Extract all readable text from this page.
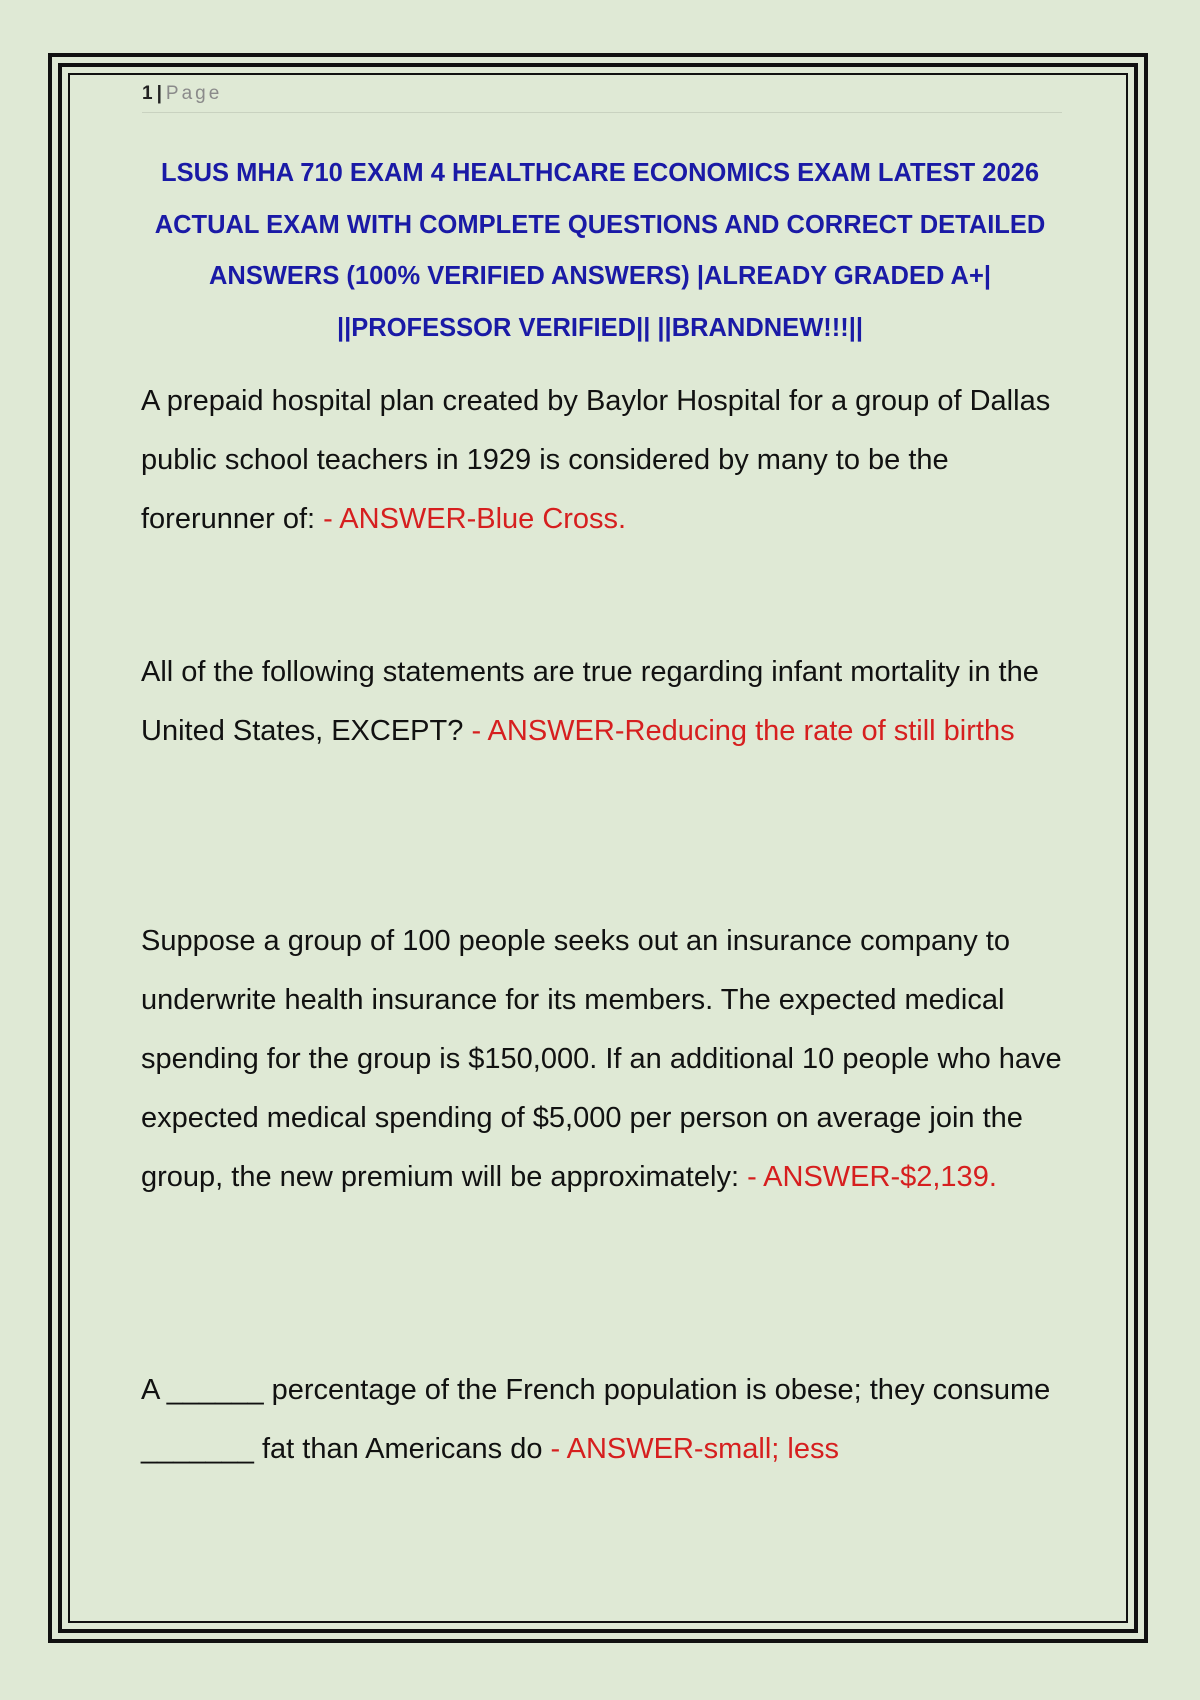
1 | Page
LSUS MHA 710 EXAM 4 HEALTHCARE ECONOMICS EXAM LATEST 2026 ACTUAL EXAM WITH COMPLETE QUESTIONS AND CORRECT DETAILED ANSWERS (100% VERIFIED ANSWERS) |ALREADY GRADED A+| ||PROFESSOR VERIFIED|| ||BRANDNEW!!!||

A prepaid hospital plan created by Baylor Hospital for a group of Dallas public school teachers in 1929 is considered by many to be the forerunner of: - ANSWER-Blue Cross.

All of the following statements are true regarding infant mortality in the United States, EXCEPT? - ANSWER-Reducing the rate of still births

Suppose a group of 100 people seeks out an insurance company to underwrite health insurance for its members. The expected medical spending for the group is $150,000. If an additional 10 people who have expected medical spending of $5,000 per person on average join the group, the new premium will be approximately: - ANSWER-$2,139.

A ______ percentage of the French population is obese; they consume _______ fat than Americans do - ANSWER-small; less
